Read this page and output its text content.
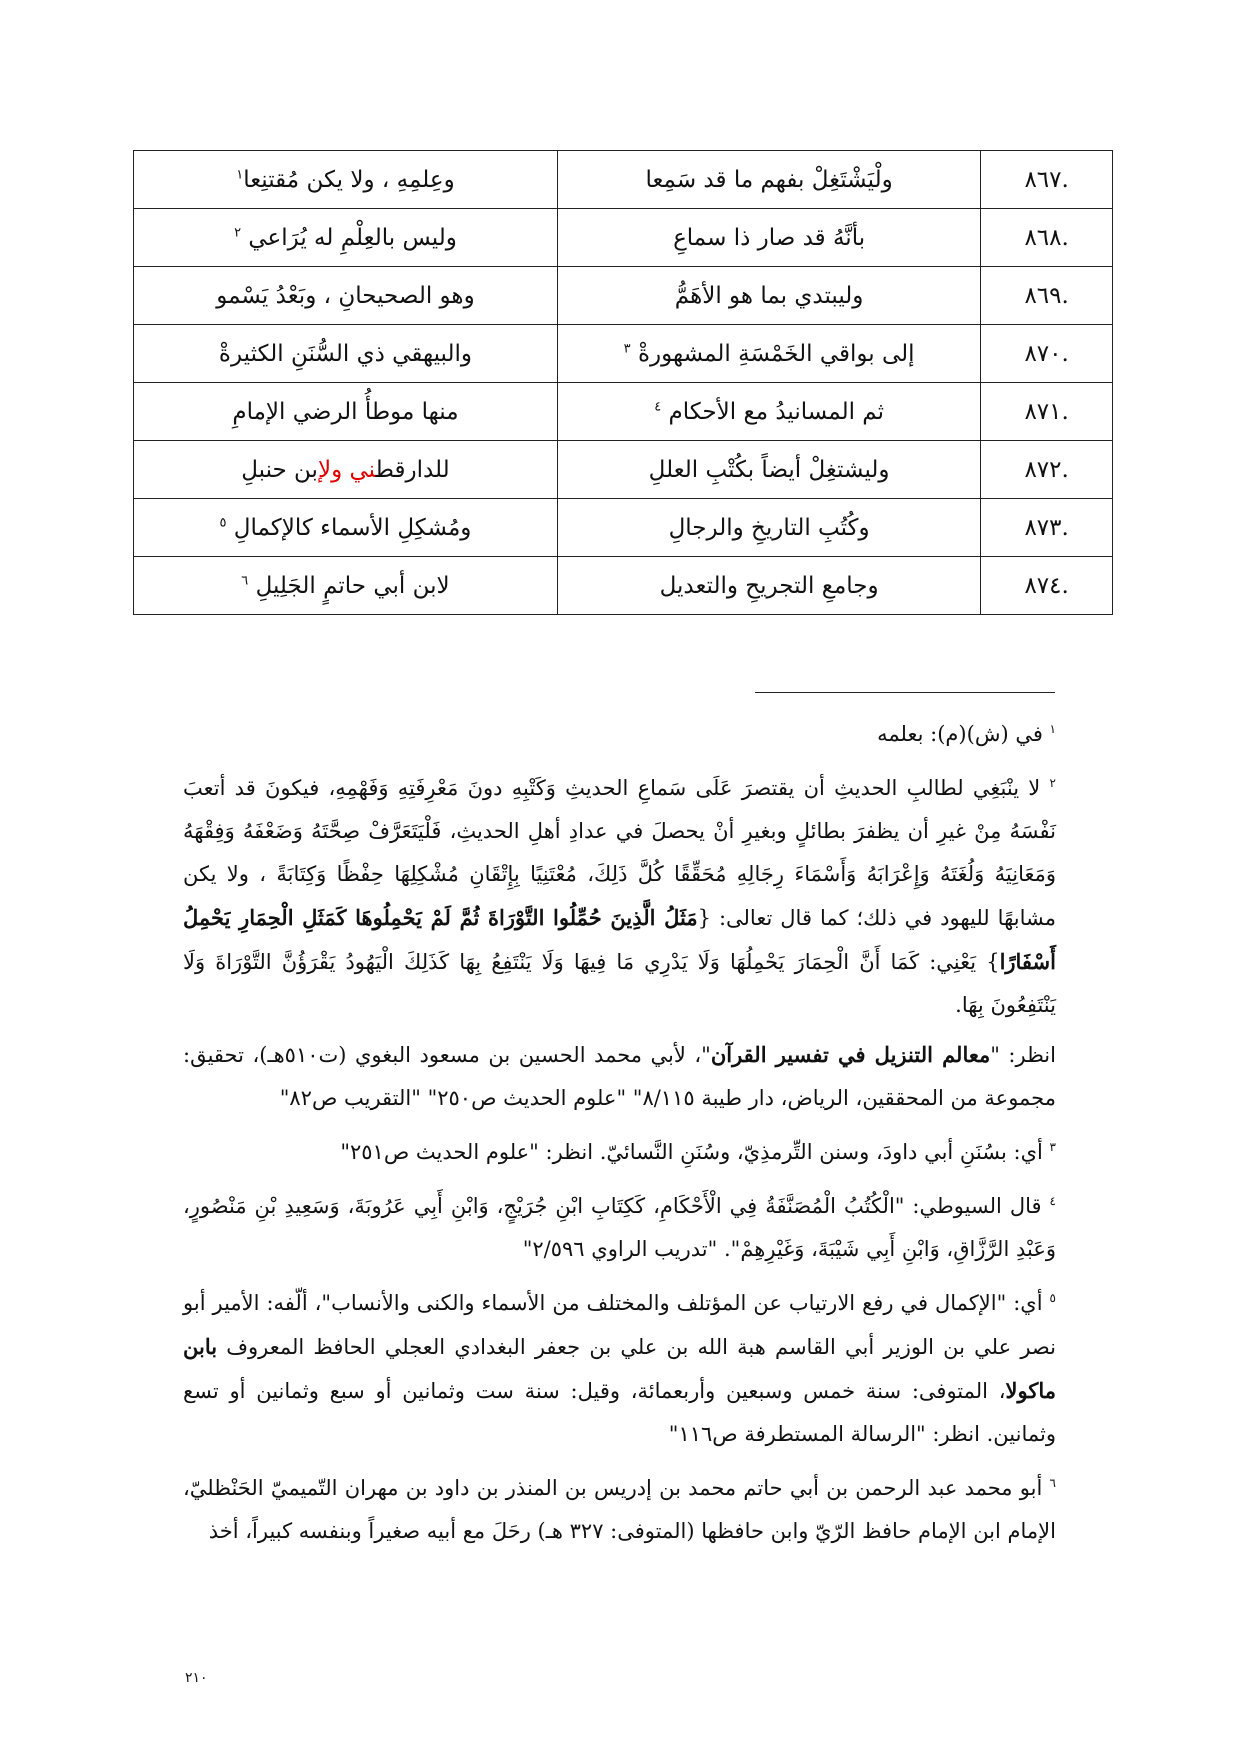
.٨٦٧	ولْيَشْتَغِلْ بفهم ما قد سَمِعا	وعِلمِهِ ، ولا يكن مُقتنِعا$^١$
.٨٦٨	بأنَّهُ قد صار ذا سماعِ	وليس بالعِلْمِ له يُرَاعي $^٢$
.٨٦٩	وليبتدي بما هو الأهَمُّ	وهو الصحيحانِ ، وبَعْدُ يَسْمو
.٨٧٠	إلى بواقي الخَمْسَةِ المشهورةْ $^٣$	والبيهقي ذي السُّنَنِ الكثيرةْ
.٨٧١	ثم المسانيدُ مع الأحكام $^٤$	منها موطأُ الرضي الإمامِ
.٨٧٢	وليشتغِلْ أيضاً بكُتْبِ العللِ	للدارقطني ولبن حنبلِ
.٨٧٣	وكُتُبِ التاريخِ والرجالِ	ومُشكِلِ الأسماء كالإكمالِ $^٥$
.٨٧٤	وجامعِ التجريحِ والتعديل	لابن أبي حاتمٍ الجَلِيلِ $^٦$

$^١$ في (ش)(م): بعلمه

$^٢$ لا ينْبَغِي لطالبِ الحديثِ أن يقتصرَ عَلَى سَماعِ الحديثِ وَكَتْبِهِ دونَ مَعْرِفَتِهِ وَفَهْمِهِ، فيكونَ قد أتعبَ نَفْسَهُ مِنْ غيرِ أن يظفرَ بطائلٍ وبغيرِ أنْ يحصلَ في عدادِ أهلِ الحديثِ، فَلْيَتَعَرَّفْ صِحَّتَهُ وَضَعْفَهُ وَفِقْهَهُ وَمَعَانِيَهُ وَلُغَتَهُ وَإِعْرَابَهُ وَأَسْمَاءَ رِجَالِهِ مُحَقِّقًا كُلَّ ذَلِكَ، مُعْتَنِيًا بِإِتْقَانِ مُشْكِلِهَا حِفْظًا وَكِتَابَةً ، ولا يكن مشابهًا لليهود في ذلك؛ كما قال تعالى: {مَثَلُ الَّذِينَ حُمِّلُوا التَّوْرَاةَ ثُمَّ لَمْ يَحْمِلُوهَا كَمَثَلِ الْحِمَارِ يَحْمِلُ أَسْفَارًا} يَعْنِي: كَمَا أَنَّ الْحِمَارَ يَحْمِلُهَا وَلَا يَدْرِي مَا فِيهَا وَلَا يَنْتَفِعُ بِهَا كَذَلِكَ الْيَهُودُ يَقْرَؤُنَّ التَّوْرَاةَ وَلَا يَنْتَفِعُونَ بِهَا.

انظر: "معالم التنزيل في تفسير القرآن"، لأبي محمد الحسين بن مسعود البغوي (ت٥١٠هـ)، تحقيق: مجموعة من المحققين، الرياض، دار طيبة ٨/١١٥" "علوم الحديث ص٢٥٠" "التقريب ص٨٢"

$^٣$ أي: بسُنَنِ أبي داودَ، وسنن التِّرمذِيّ، وسُنَنِ النَّسائيّ. انظر: "علوم الحديث ص٢٥١"

$^٤$ قال السيوطي: "الْكُتُبُ الْمُصَنَّفَةُ فِي الْأَحْكَامِ، كَكِتَابِ ابْنِ جُرَيْجٍ، وَابْنِ أَبِي عَرُوبَةَ، وَسَعِيدِ بْنِ مَنْصُورٍ، وَعَبْدِ الرَّزَّاقِ، وَابْنِ أَبِي شَيْبَةَ، وَغَيْرِهِمْ". "تدريب الراوي ٢/٥٩٦"

$^٥$ أي: "الإكمال في رفع الارتياب عن المؤتلف والمختلف من الأسماء والكنى والأنساب"، ألّفه: الأمير أبو نصر علي بن الوزير أبي القاسم هبة الله بن علي بن جعفر البغدادي العجلي الحافظ المعروف بابن ماكولا، المتوفى: سنة خمس وسبعين وأربعمائة، وقيل: سنة ست وثمانين أو سبع وثمانين أو تسع وثمانين. انظر: "الرسالة المستطرفة ص١١٦"

$^٦$ أبو محمد عبد الرحمن بن أبي حاتم محمد بن إدريس بن المنذر بن داود بن مهران التّميميّ الحَنْظليّ، الإمام ابن الإمام حافظ الرّيّ وابن حافظها (المتوفى: ٣٢٧ هـ) رحَلَ مع أبيه صغيراً وبنفسه كبيراً، أخذ

٢١٠
